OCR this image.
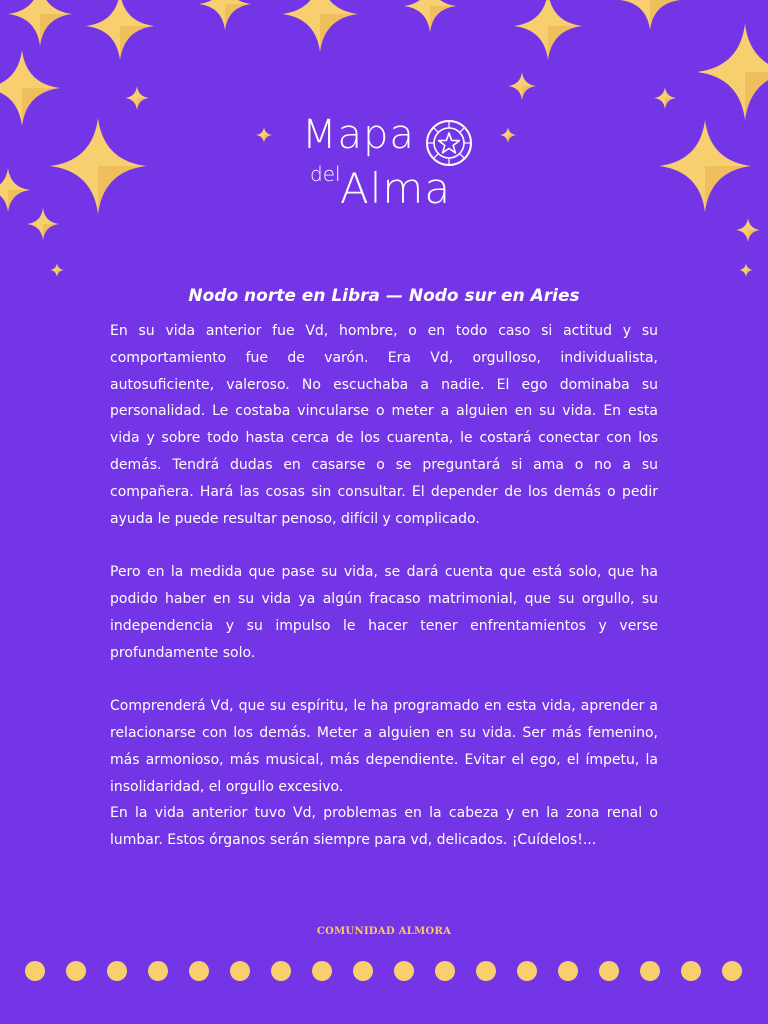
Mapa
del Alma
Nodo norte en Libra — Nodo sur en Aries

En su vida anterior fue Vd, hombre, o en todo caso si actitud y su comportamiento fue de varón. Era Vd, orgulloso, individualista, autosuficiente, valeroso. No escuchaba a nadie. El ego dominaba su personalidad. Le costaba vincularse o meter a alguien en su vida. En esta vida y sobre todo hasta cerca de los cuarenta, le costará conectar con los demás. Tendrá dudas en casarse o se preguntará si ama o no a su compañera. Hará las cosas sin consultar. El depender de los demás o pedir ayuda le puede resultar penoso, difícil y complicado.

Pero en la medida que pase su vida, se dará cuenta que está solo, que ha podido haber en su vida ya algún fracaso matrimonial, que su orgullo, su independencia y su impulso le hacer tener enfrentamientos y verse profundamente solo.

Comprenderá Vd, que su espíritu, le ha programado en esta vida, aprender a relacionarse con los demás. Meter a alguien en su vida. Ser más femenino, más armonioso, más musical, más dependiente. Evitar el ego, el ímpetu, la insolidaridad, el orgullo excesivo.

En la vida anterior tuvo Vd, problemas en la cabeza y en la zona renal o lumbar. Estos órganos serán siempre para vd, delicados. ¡Cuídelos!...

COMUNIDAD ALMORA
